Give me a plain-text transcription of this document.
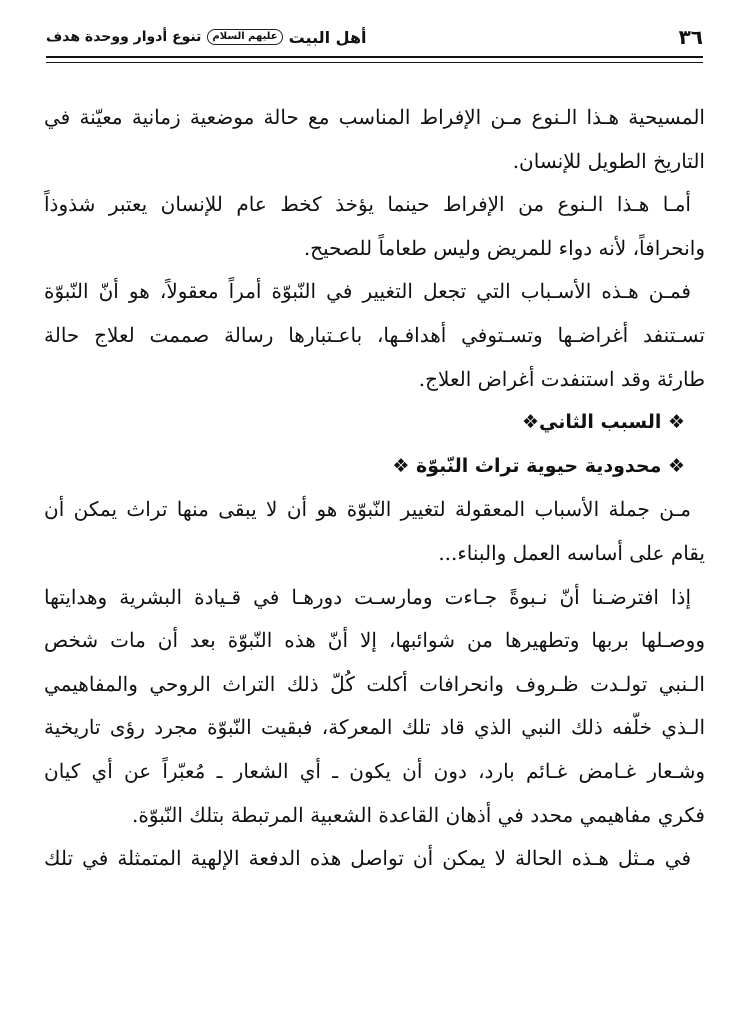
٣٦
أهل البيت
عليهم السلام
تنوع أدوار ووحدة هدف
المسيحية هـذا الـنوع مـن الإفراط المناسب مع حالة موضعية زمانية معيّنة في
التاريخ الطويل للإنسان.
أمـا هـذا الـنوع من الإفراط حينما يؤخذ كخط عام للإنسان يعتبر شذوذاً
وانحرافاً، لأنه دواء للمريض وليس طعاماً للصحيح.
فمـن هـذه الأسـباب التي تجعل التغيير في النّبوّة أمراً معقولاً، هو أنّ النّبوّة
تسـتنفد أغراضـها وتسـتوفي أهدافـها، باعـتبارها رسالة صممت لعلاج حالة
طارئة وقد استنفدت أغراض العلاج.
❖ السبب الثاني❖
❖ محدودية حيوية تراث النّبوّة ❖
مـن جملة الأسباب المعقولة لتغيير النّبوّة هو أن لا يبقى منها تراث يمكن أن
يقام على أساسه العمل والبناء...
إذا افترضـنا أنّ نـبوةً جـاءت ومارسـت دورهـا في قـيادة البشرية وهدايتها
ووصـلها بربها وتطهيرها من شوائبها، إلا أنّ هذه النّبوّة بعد أن مات شخص
الـنبي تولـدت ظـروف وانحرافات أكلت كُلّ ذلك التراث الروحي والمفاهيمي
الـذي خلّفه ذلك النبي الذي قاد تلك المعركة، فبقيت النّبوّة مجرد رؤى تاريخية
وشـعار غـامض غـائم بارد، دون أن يكون ـ أي الشعار ـ مُعبّراً عن أي كيان
فكري مفاهيمي محدد في أذهان القاعدة الشعبية المرتبطة بتلك النّبوّة.
في مـثل هـذه الحالة لا يمكن أن تواصل هذه الدفعة الإلهية المتمثلة في تلك
